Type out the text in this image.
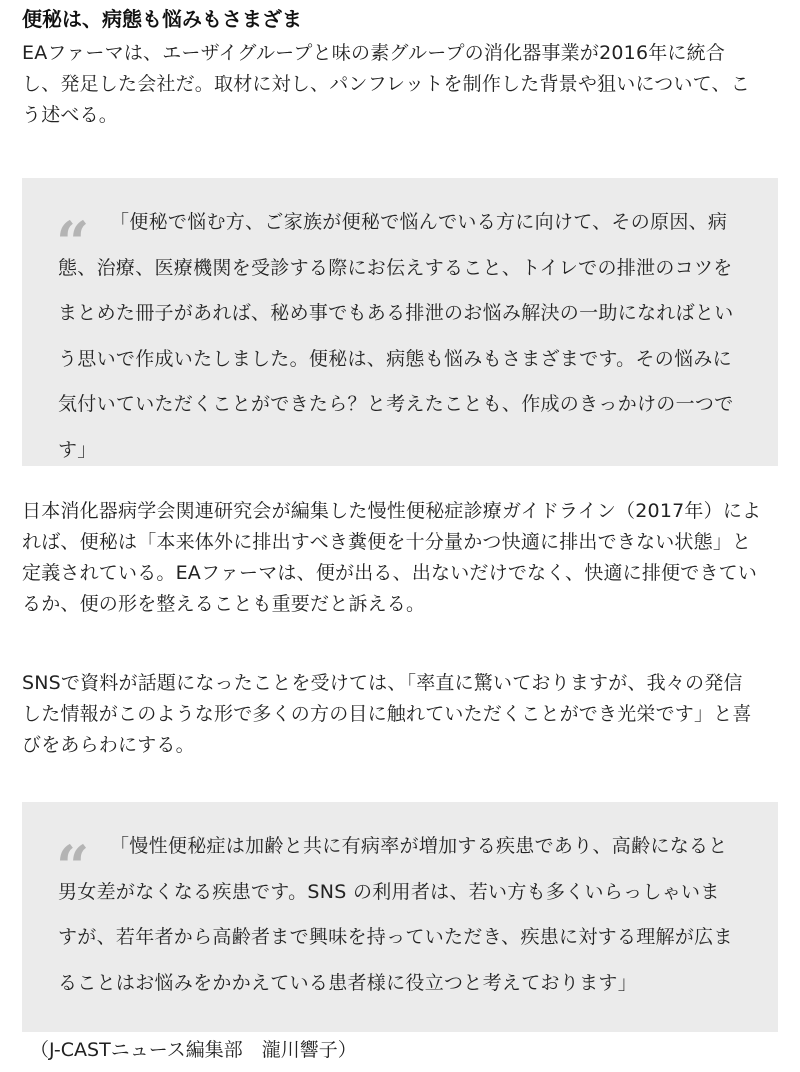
便秘は、病態も悩みもさまざま

EAファーマは、エーザイグループと味の素グループの消化器事業が2016年に統合
し、発足した会社だ。取材に対し、パンフレットを制作した背景や狙いについて、こ
う述べる。

“	「便秘で悩む方、ご家族が便秘で悩んでいる方に向けて、その原因、病
態、治療、医療機関を受診する際にお伝えすること、トイレでの排泄のコツを
まとめた冊子があれば、秘め事でもある排泄のお悩み解決の一助になればとい
う思いで作成いたしました。便秘は、病態も悩みもさまざまです。その悩みに
気付いていただくことができたら？と考えたことも、作成のきっかけの一つで
す」

日本消化器病学会関連研究会が編集した慢性便秘症診療ガイドライン（2017年）によ
れば、便秘は「本来体外に排出すべき糞便を十分量かつ快適に排出できない状態」と
定義されている。EAファーマは、便が出る、出ないだけでなく、快適に排便できてい
るか、便の形を整えることも重要だと訴える。

SNSで資料が話題になったことを受けては、「率直に驚いておりますが、我々の発信
した情報がこのような形で多くの方の目に触れていただくことができ光栄です」と喜
びをあらわにする。

“	「慢性便秘症は加齢と共に有病率が増加する疾患であり、高齢になると
男女差がなくなる疾患です。SNS の利用者は、若い方も多くいらっしゃいま
すが、若年者から高齢者まで興味を持っていただき、疾患に対する理解が広ま
ることはお悩みをかかえている患者様に役立つと考えております」

（J-CASTニュース編集部　瀧川響子）
